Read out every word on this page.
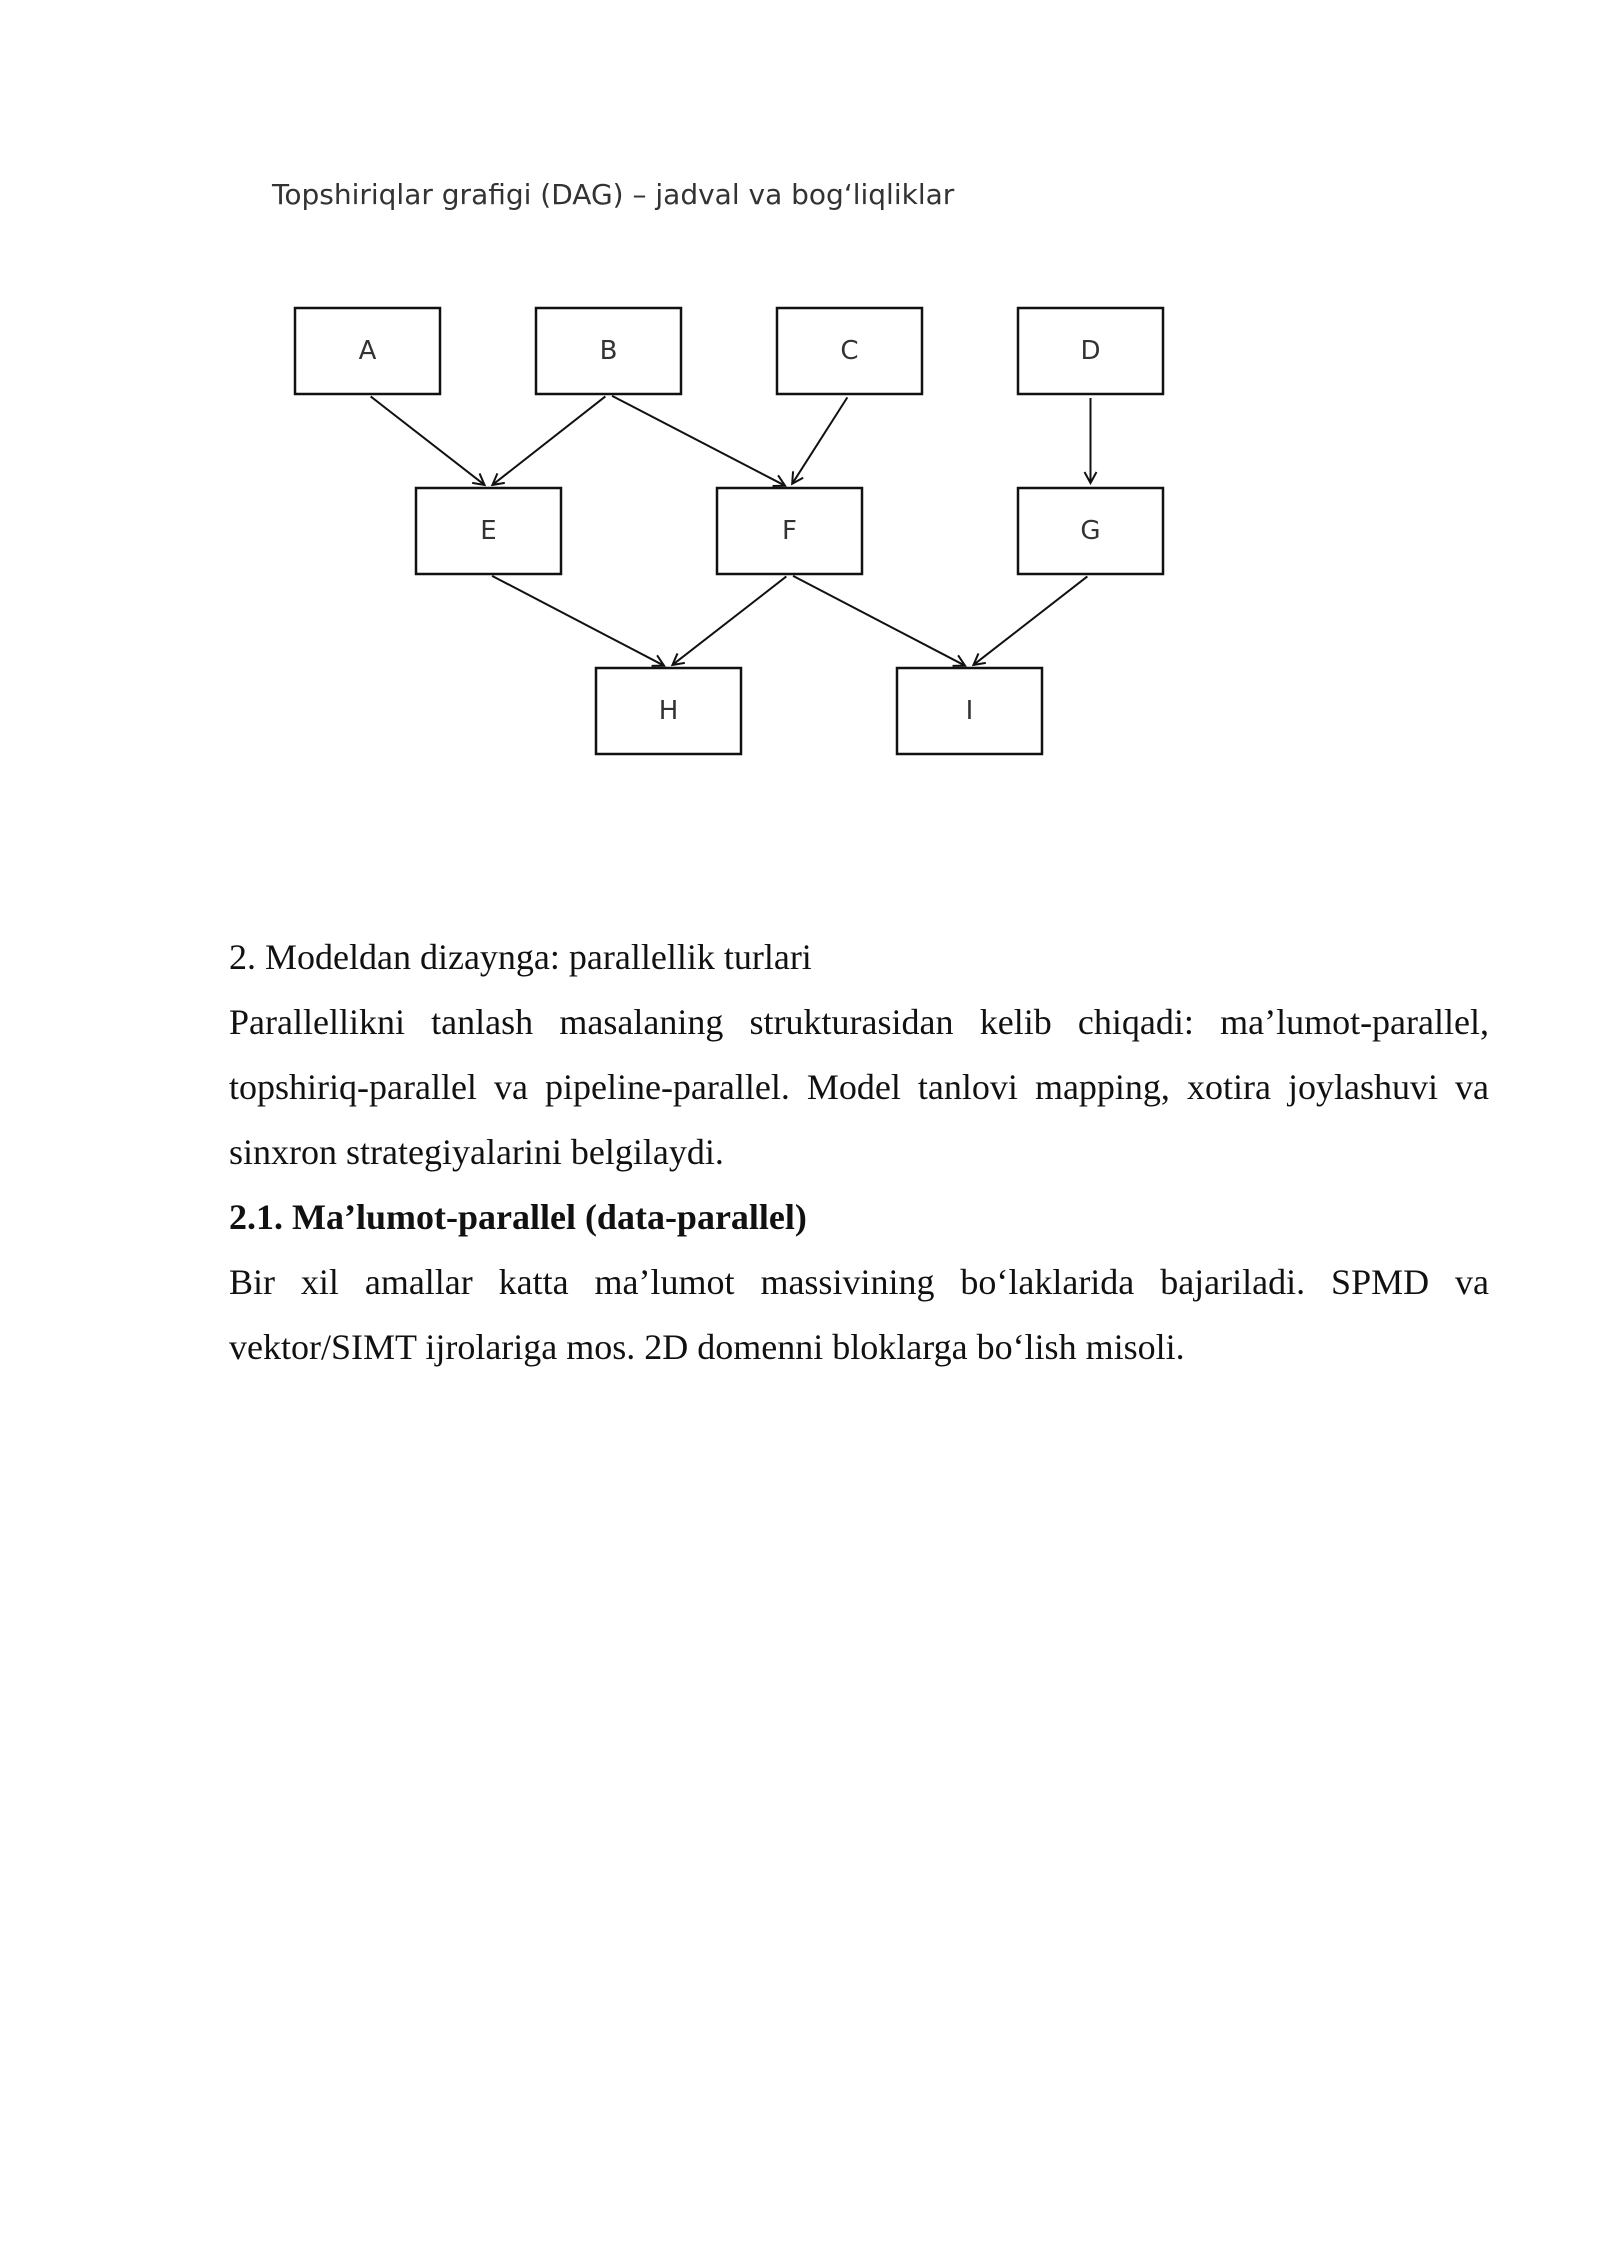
Topshiriqlar grafigi (DAG) – jadval va bog‘liqliklar

A	B	C	D
E	F	G
H	I

2. Modeldan dizaynga: parallellik turlari

Parallellikni tanlash masalaning strukturasidan kelib chiqadi: ma’lumot-parallel, topshiriq-parallel va pipeline-parallel. Model tanlovi mapping, xotira joylashuvi va sinxron strategiyalarini belgilaydi.

2.1. Ma’lumot-parallel (data-parallel)

Bir xil amallar katta ma’lumot massivining bo‘laklarida bajariladi. SPMD va vektor/SIMT ijrolariga mos. 2D domenni bloklarga bo‘lish misoli.
